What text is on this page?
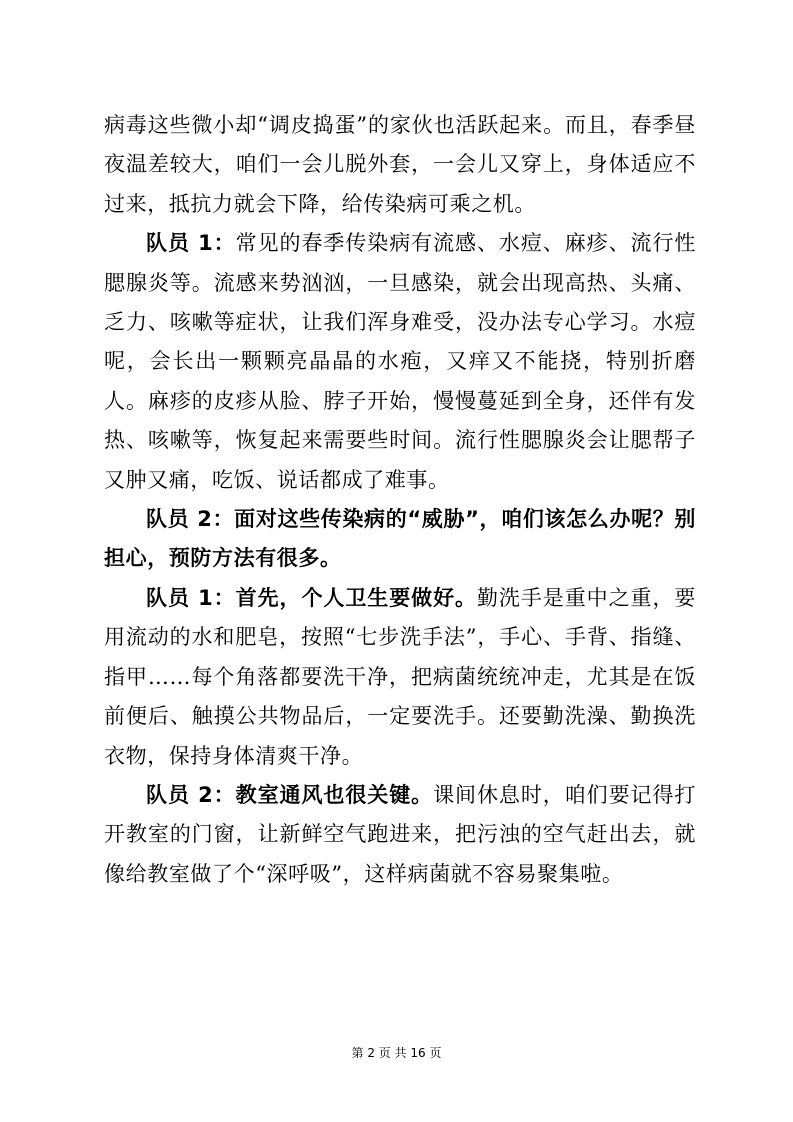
病毒这些微小却“调皮捣蛋”的家伙也活跃起来。而且，春季昼夜温差较大，咱们一会儿脱外套，一会儿又穿上，身体适应不过来，抵抗力就会下降，给传染病可乘之机。

队员 1：常见的春季传染病有流感、水痘、麻疹、流行性腮腺炎等。流感来势汹汹，一旦感染，就会出现高热、头痛、乏力、咳嗽等症状，让我们浑身难受，没办法专心学习。水痘呢，会长出一颗颗亮晶晶的水疱，又痒又不能挠，特别折磨人。麻疹的皮疹从脸、脖子开始，慢慢蔓延到全身，还伴有发热、咳嗽等，恢复起来需要些时间。流行性腮腺炎会让腮帮子又肿又痛，吃饭、说话都成了难事。

队员 2：面对这些传染病的“威胁”，咱们该怎么办呢？别担心，预防方法有很多。

队员 1：首先，个人卫生要做好。勤洗手是重中之重，要用流动的水和肥皂，按照“七步洗手法”，手心、手背、指缝、指甲……每个角落都要洗干净，把病菌统统冲走，尤其是在饭前便后、触摸公共物品后，一定要洗手。还要勤洗澡、勤换洗衣物，保持身体清爽干净。

队员 2：教室通风也很关键。课间休息时，咱们要记得打开教室的门窗，让新鲜空气跑进来，把污浊的空气赶出去，就像给教室做了个“深呼吸”，这样病菌就不容易聚集啦。

第 2 页 共 16 页
